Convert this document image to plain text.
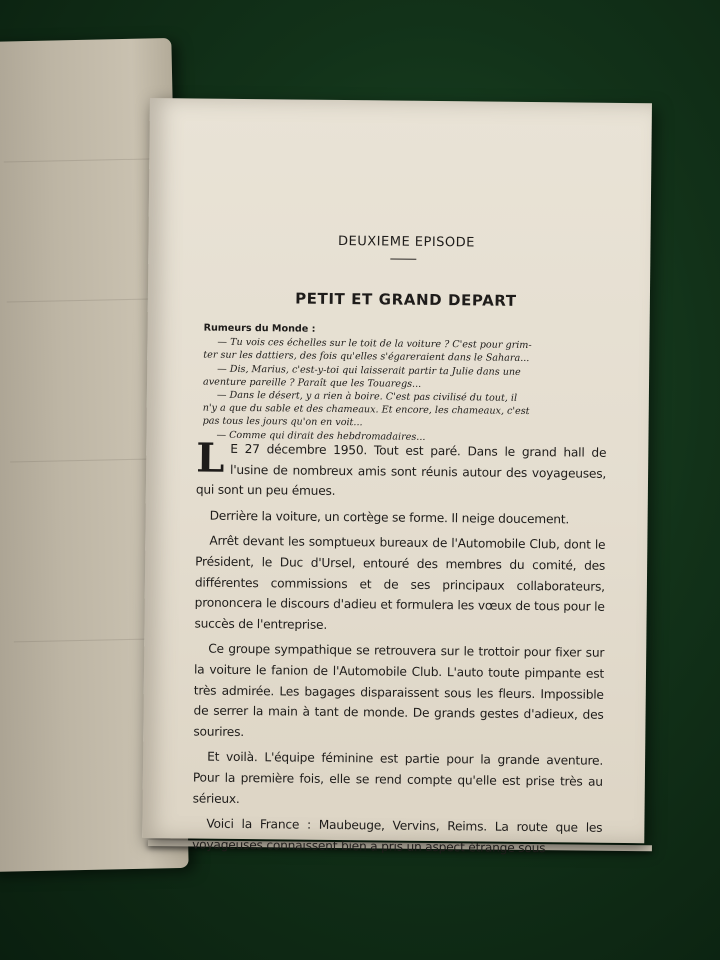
DEUXIEME EPISODE
PETIT ET GRAND DEPART
Rumeurs du Monde :
— Tu vois ces échelles sur le toit de la voiture ? C'est pour grim-
ter sur les dattiers, des fois qu'elles s'égareraient dans le Sahara...
— Dis, Marius, c'est-y-toi qui laisserait partir ta Julie dans une
aventure pareille ? Paraît que les Touaregs...
— Dans le désert, y a rien à boire. C'est pas civilisé du tout, il
n'y a que du sable et des chameaux. Et encore, les chameaux, c'est
pas tous les jours qu'on en voit...
— Comme qui dirait des hebdromadaires...

L E 27 décembre 1950. Tout est paré. Dans le grand hall de l'usine de nombreux amis sont réunis autour des voyageuses, qui sont un peu émues.

Derrière la voiture, un cortège se forme. Il neige doucement.

Arrêt devant les somptueux bureaux de l'Automobile Club, dont le Président, le Duc d'Ursel, entouré des membres du comité, des différentes commissions et de ses principaux collaborateurs, prononcera le discours d'adieu et formulera les vœux de tous pour le succès de l'entreprise.

Ce groupe sympathique se retrouvera sur le trottoir pour fixer sur la voiture le fanion de l'Automobile Club. L'auto toute pimpante est très admirée. Les bagages disparaissent sous les fleurs. Impossible de serrer la main à tant de monde. De grands gestes d'adieux, des sourires.

Et voilà. L'équipe féminine est partie pour la grande aventure. Pour la première fois, elle se rend compte qu'elle est prise très au sérieux.

Voici la France : Maubeuge, Vervins, Reims. La route que les voyageuses connaissent bien a pris un aspect étrange sous
